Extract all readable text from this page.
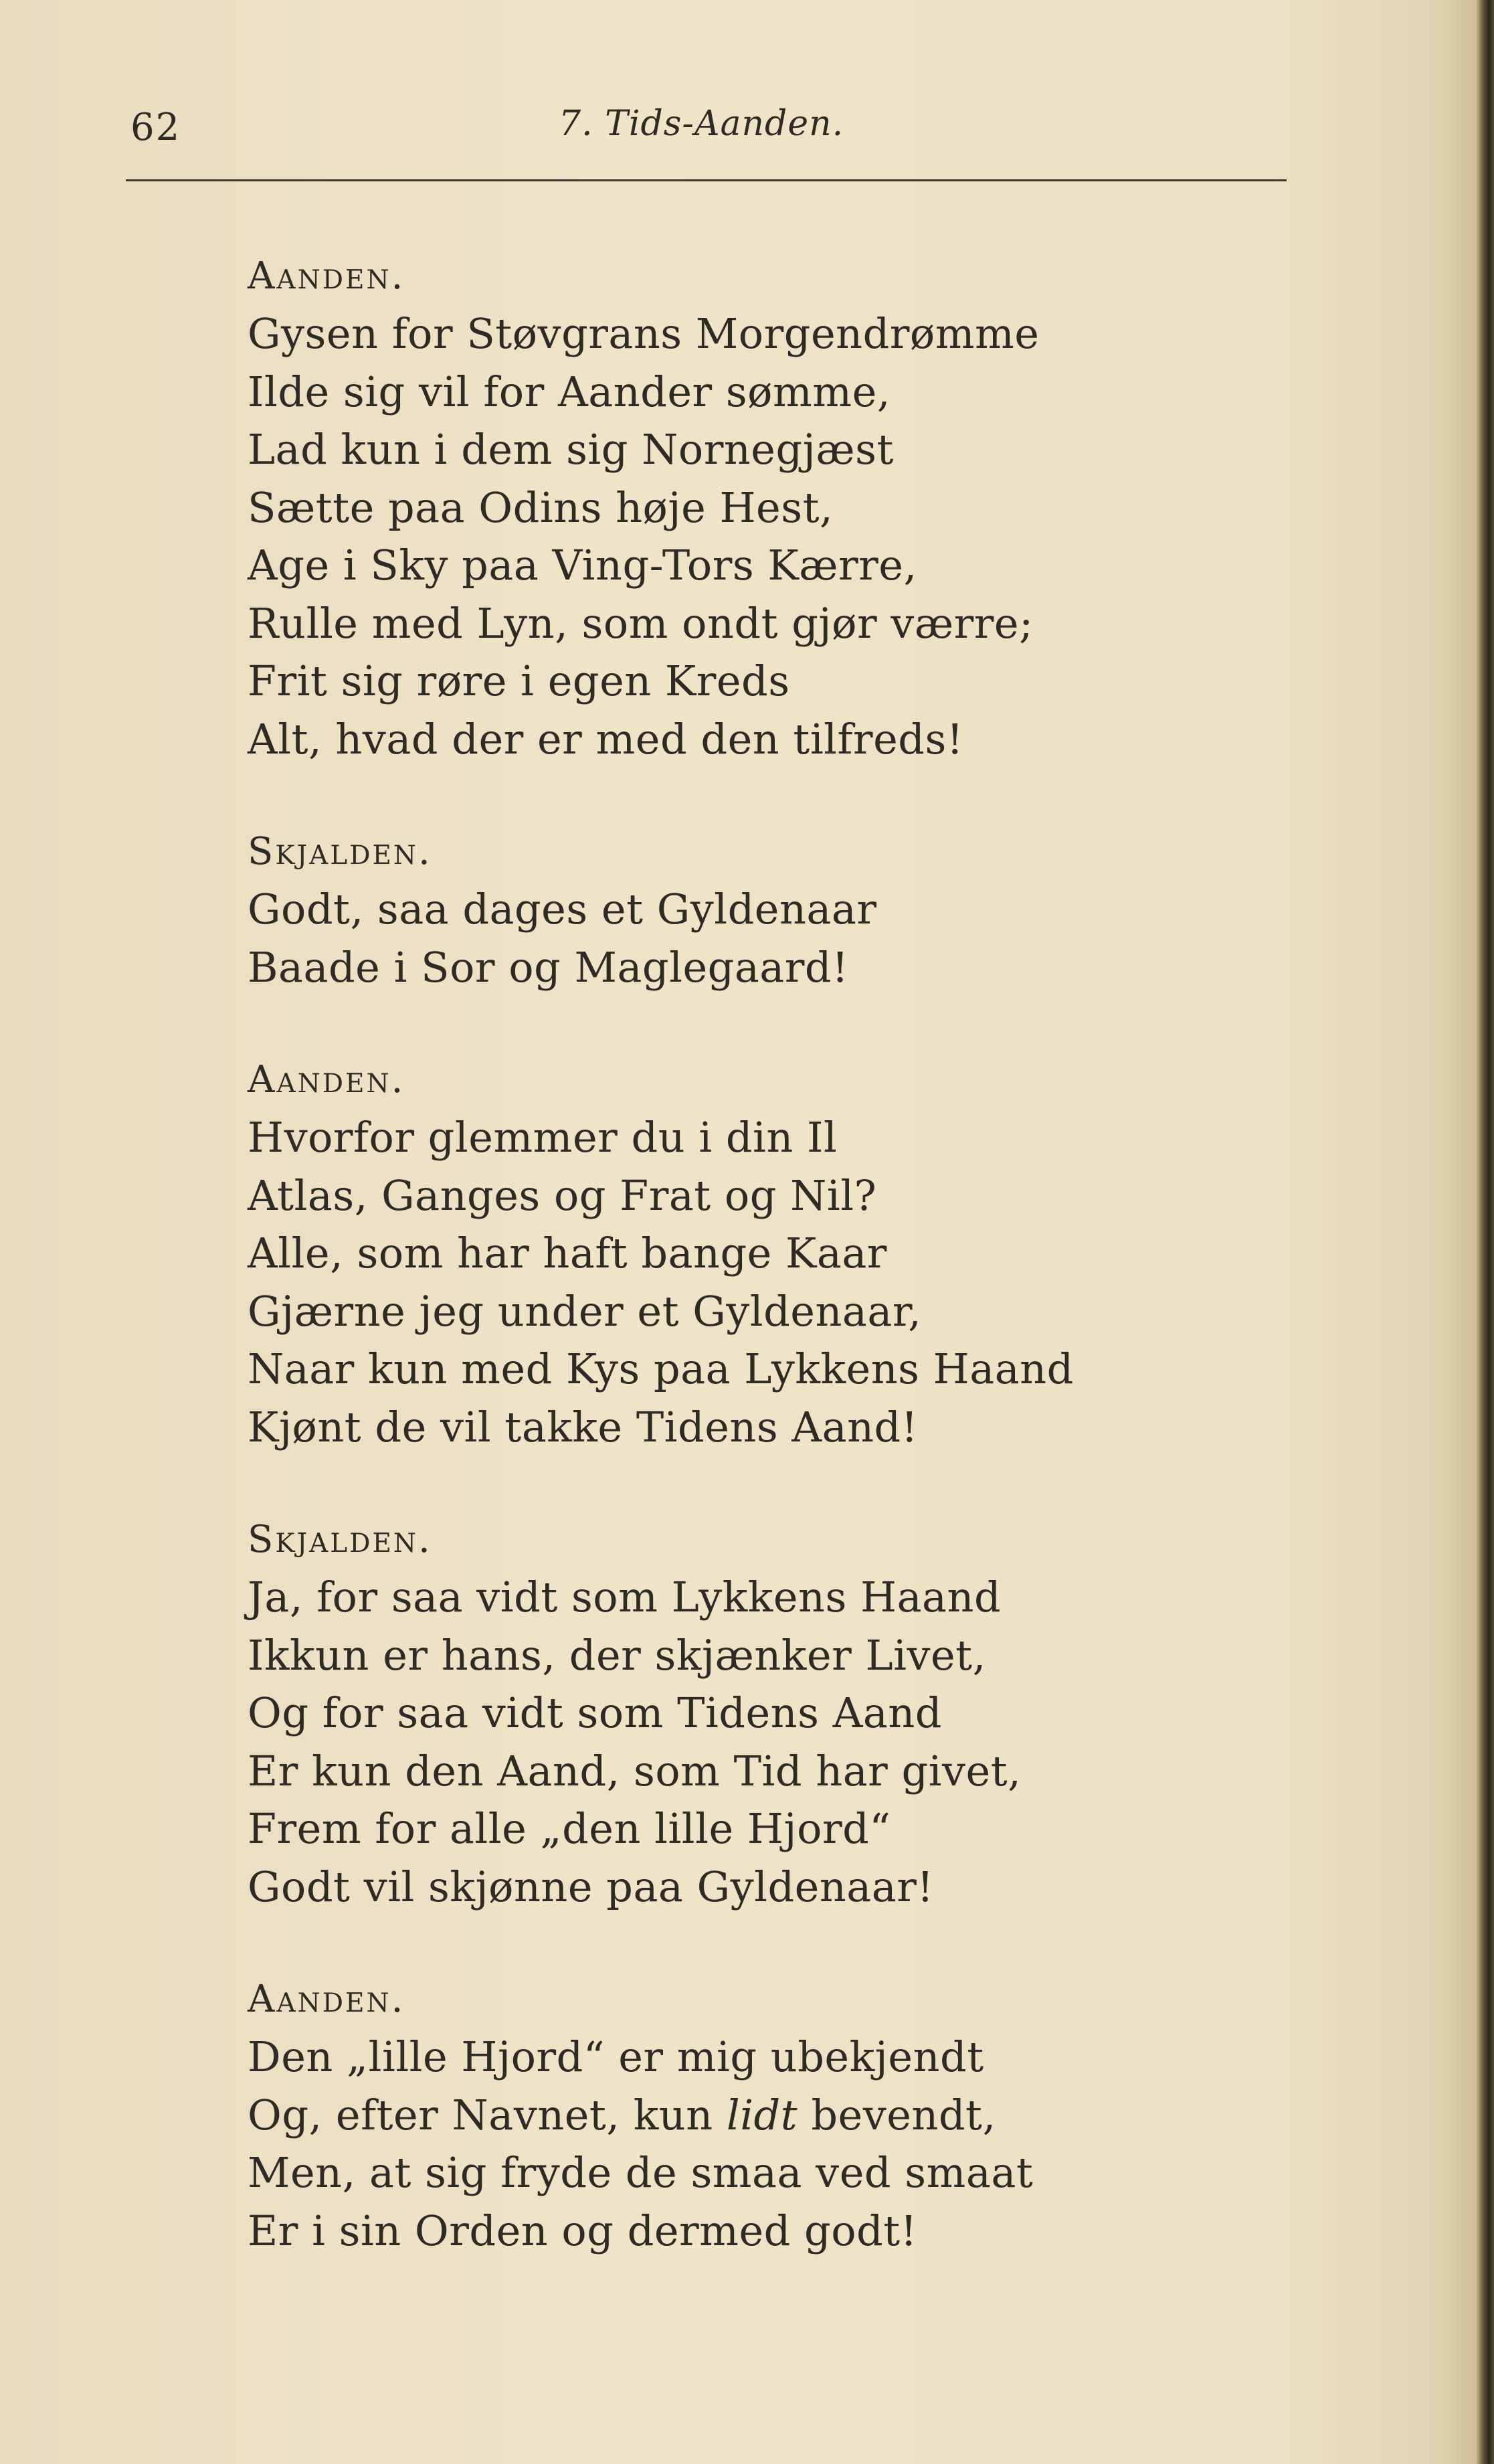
62	7. Tids-Aanden.
Aanden.
Gysen for Støvgrans Morgendrømme
Ilde sig vil for Aander sømme,
Lad kun i dem sig Nornegjæst
Sætte paa Odins høje Hest,
Age i Sky paa Ving-Tors Kærre,
Rulle med Lyn, som ondt gjør værre;
Frit sig røre i egen Kreds
Alt, hvad der er med den tilfreds!
Skjalden.
Godt, saa dages et Gyldenaar
Baade i Sor og Maglegaard!
Aanden.
Hvorfor glemmer du i din Il
Atlas, Ganges og Frat og Nil?
Alle, som har haft bange Kaar
Gjærne jeg under et Gyldenaar,
Naar kun med Kys paa Lykkens Haand
Kjønt de vil takke Tidens Aand!
Skjalden.
Ja, for saa vidt som Lykkens Haand
Ikkun er hans, der skjænker Livet,
Og for saa vidt som Tidens Aand
Er kun den Aand, som Tid har givet,
Frem for alle „den lille Hjord“
Godt vil skjønne paa Gyldenaar!
Aanden.
Den „lille Hjord“ er mig ubekjendt
Og, efter Navnet, kun lidt bevendt,
Men, at sig fryde de smaa ved smaat
Er i sin Orden og dermed godt!
